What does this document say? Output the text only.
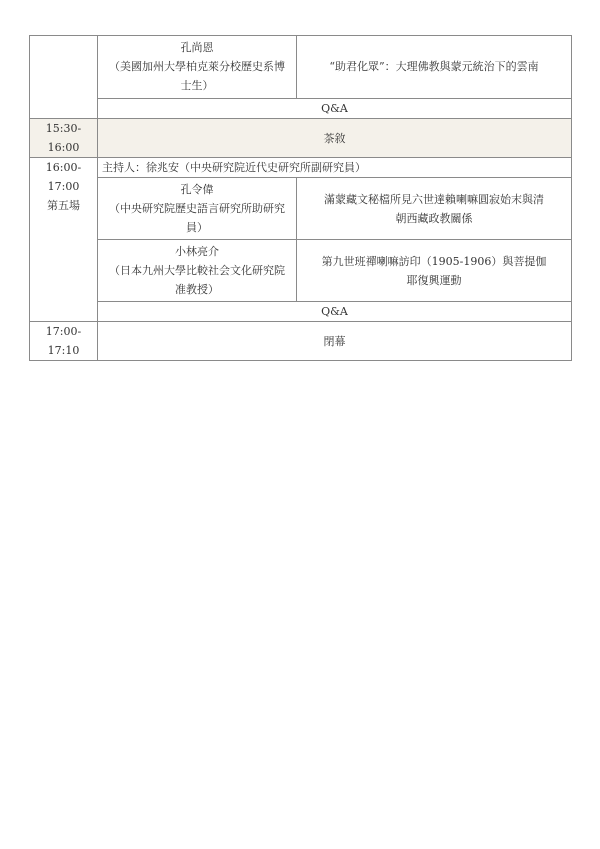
	孔尚恩
（美國加州大學柏克萊分校歷史系博
士生）	“助君化眾”：大理佛教與蒙元統治下的雲南
	Q&A	
15:30-16:00	茶敘	

16:00-17:00
第五場	主持人：徐兆安（中央研究院近代史研究所副研究員）	

	孔令偉
（中央研究院歷史語言研究所助研究
員）	滿蒙藏文秘檔所見六世達賴喇嘛圓寂始末與清
朝西藏政教關係

	小林亮介
（日本九州大學比較社会文化研究院
准教授）	第九世班禪喇嘛訪印（1905-1906）與菩提伽
耶復興運動

	Q&A	
17:00-17:10	閉幕	
